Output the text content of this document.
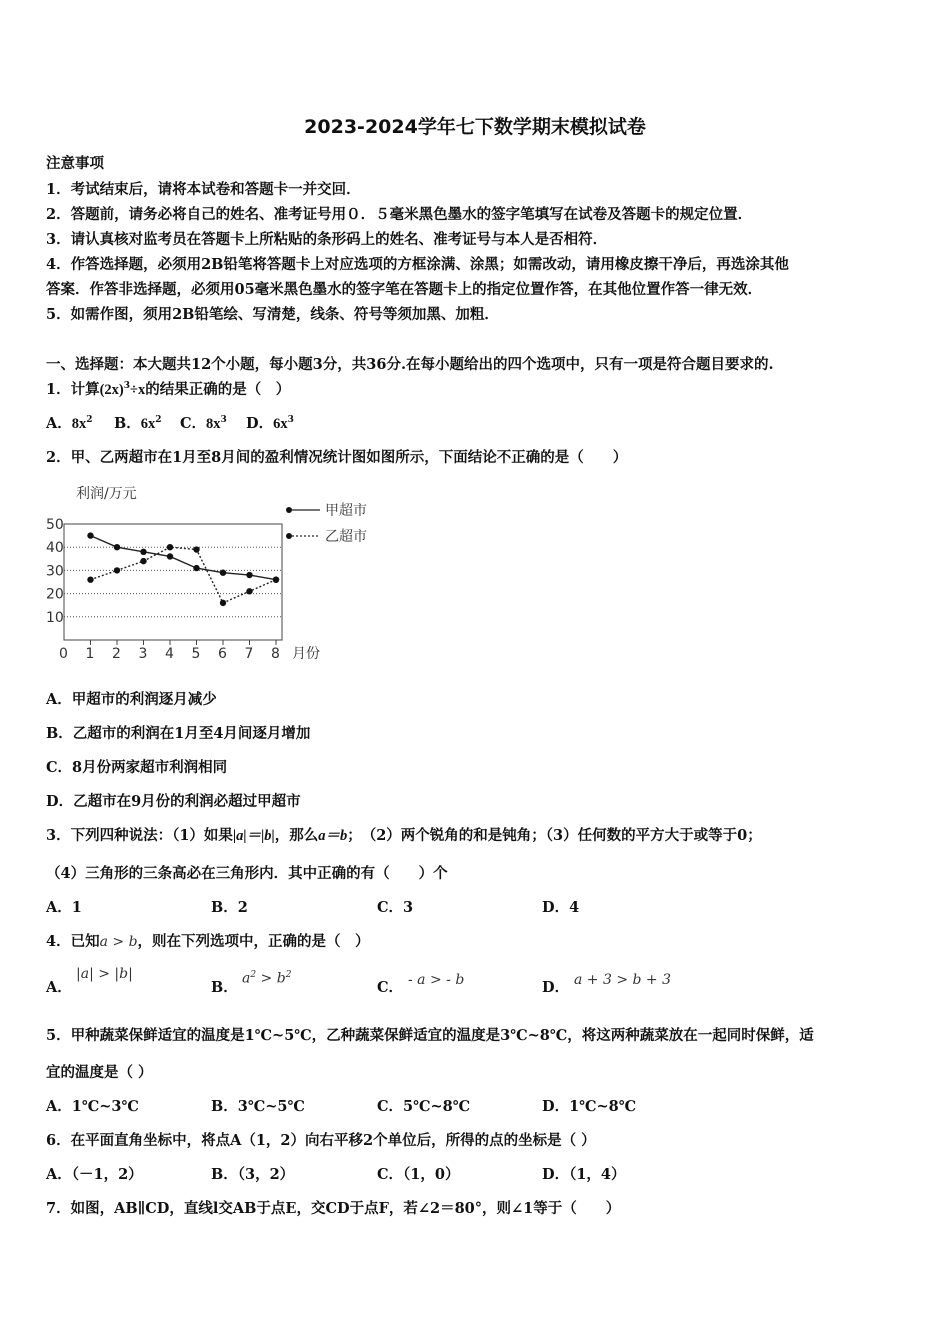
2023-2024学年七下数学期末模拟试卷
注意事项
1．考试结束后，请将本试卷和答题卡一并交回．
2．答题前，请务必将自己的姓名、准考证号用０．５毫米黑色墨水的签字笔填写在试卷及答题卡的规定位置．
3．请认真核对监考员在答题卡上所粘贴的条形码上的姓名、准考证号与本人是否相符．
4．作答选择题，必须用2B铅笔将答题卡上对应选项的方框涂满、涂黑；如需改动，请用橡皮擦干净后，再选涂其他
答案．作答非选择题，必须用05毫米黑色墨水的签字笔在答题卡上的指定位置作答，在其他位置作答一律无效．
5．如需作图，须用2B铅笔绘、写清楚，线条、符号等须加黑、加粗．
一、选择题：本大题共12个小题，每小题3分，共36分.在每小题给出的四个选项中，只有一项是符合题目要求的.
1．计算$(2x)^3\div x$的结果正确的是（　）
A．$8x^2$ B．$6x^2$ C．$8x^3$ D．$6x^3$
2．甲、乙两超市在1月至8月间的盈利情况统计图如图所示，下面结论不正确的是（　　）
10
20
30
40
50
0 1 2 3 4 5 6 7 8
利润/万元
月份
甲超市
乙超市
A．甲超市的利润逐月减少
B．乙超市的利润在1月至4月间逐月增加
C．8月份两家超市利润相同
D．乙超市在9月份的利润必超过甲超市
3．下列四种说法：（1）如果|a|＝|b|，那么a＝b；　（2）两个锐角的和是钝角；（3）任何数的平方大于或等于0；
（4）三角形的三条高必在三角形内．其中正确的有（　　）个
A．1	B．2	C．3	D．4
4．已知a > b，则在下列选项中，正确的是（　）
A．
|a| > |b|
B．
$a^2 > b^2$
C． - a > - b	D． a + 3 > b + 3
5．甲种蔬菜保鲜适宜的温度是1℃~5℃，乙种蔬菜保鲜适宜的温度是3℃~8℃，将这两种蔬菜放在一起同时保鲜，适
宜的温度是（ ）
A．1℃~3℃	B．3℃~5℃	C．5℃~8℃	D．1℃~8℃
6．在平面直角坐标中，将点A（1，2）向右平移2个单位后，所得的点的坐标是（ ）
A．（－1，2）	B．（3，2）	C．（1，0）	D．（1，4）
7．如图，AB∥CD，直线l交AB于点E，交CD于点F，若∠2＝80°，则∠1等于（　　）
